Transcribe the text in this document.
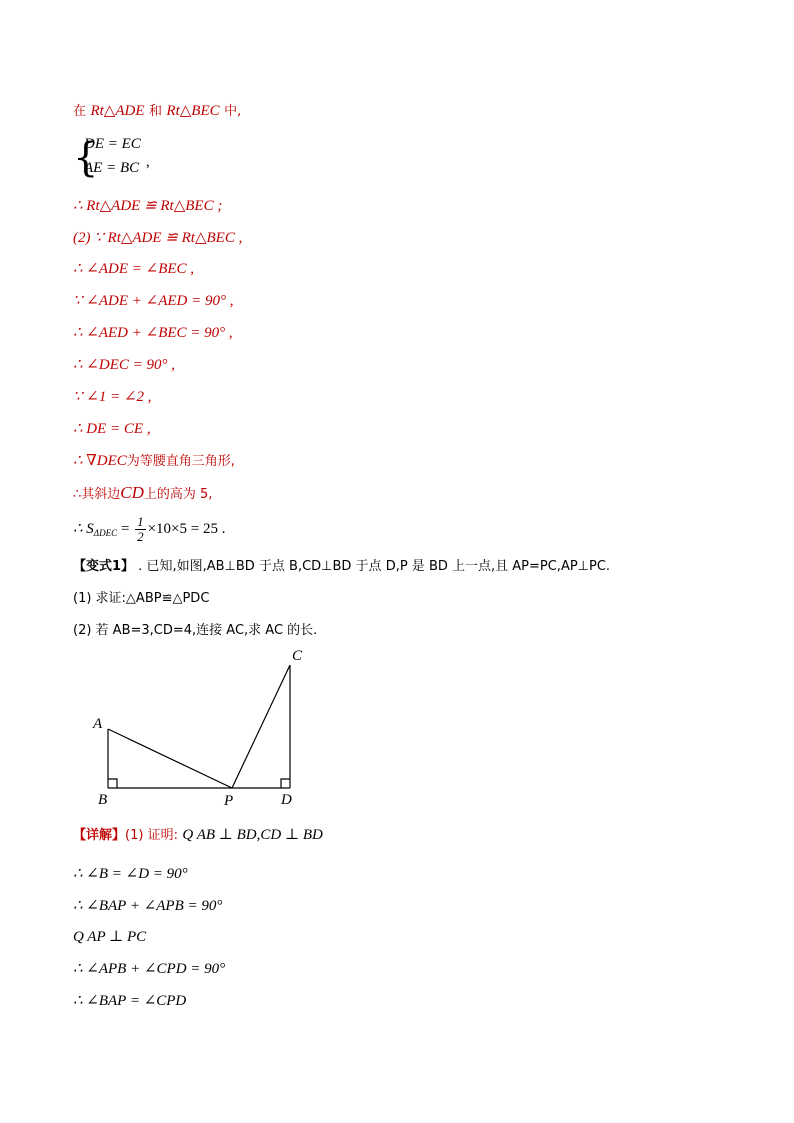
在 Rt△ADE 和 Rt△BEC 中,
{
DE = EC
AE = BC ,
∴ Rt△ADE ≌ Rt△BEC ;
(2) ∵ Rt△ADE ≌ Rt△BEC ,
∴ ∠ADE = ∠BEC ,
∵ ∠ADE + ∠AED = 90° ,
∴ ∠AED + ∠BEC = 90° ,
∴ ∠DEC = 90° ,
∵ ∠1 = ∠2 ,
∴ DE = CE ,
∴ ∇DEC为等腰直角三角形,
∴其斜边CD上的高为 5,
∴ $S_{\Delta DEC} = \frac{1}{2} \times 10\times 5 = 25$ .
【变式1】 . 已知,如图,AB⊥BD 于点 B,CD⊥BD 于点 D,P 是 BD 上一点,且 AP=PC,AP⊥PC.
(1) 求证:△ABP≌△PDC
(2) 若 AB=3,CD=4,连接 AC,求 AC 的长.
A
B
C
D
P
【详解】(1) 证明: Q AB ⊥ BD,CD ⊥ BD
∴ ∠B = ∠D = 90°
∴ ∠BAP + ∠APB = 90°
Q AP ⊥ PC
∴ ∠APB + ∠CPD = 90°
∴ ∠BAP = ∠CPD
